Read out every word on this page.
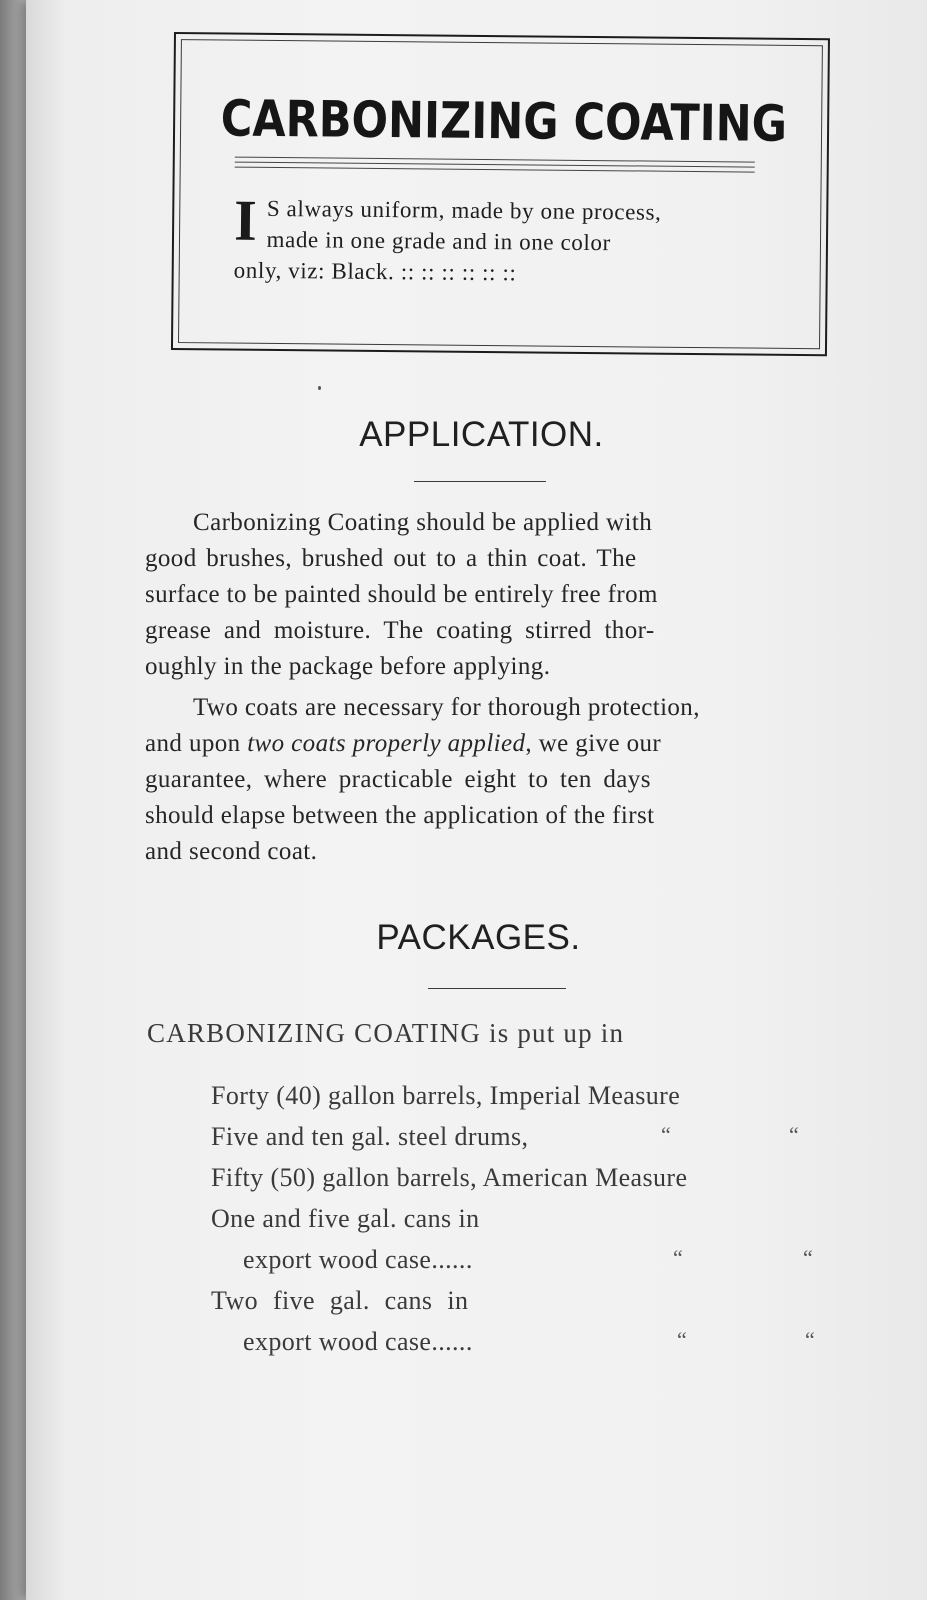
CARBONIZING COATING
I S always uniform, made by one process,
made in one grade and in one color
only, viz: Black. :: :: :: :: :: ::
APPLICATION.
Carbonizing Coating should be applied with
good brushes, brushed out to a thin coat. The
surface to be painted should be entirely free from
grease and moisture. The coating stirred thor-
oughly in the package before applying.
Two coats are necessary for thorough protection,
and upon two coats properly applied, we give our
guarantee, where practicable eight to ten days
should elapse between the application of the first
and second coat.
PACKAGES.
CARBONIZING COATING is put up in
Forty (40) gallon barrels, Imperial Measure
Five and ten gal. steel drums,	“	“
Fifty (50) gallon barrels, American Measure
One and five gal. cans in
export wood case......	“	“
Two five gal. cans in
export wood case......	“	“
